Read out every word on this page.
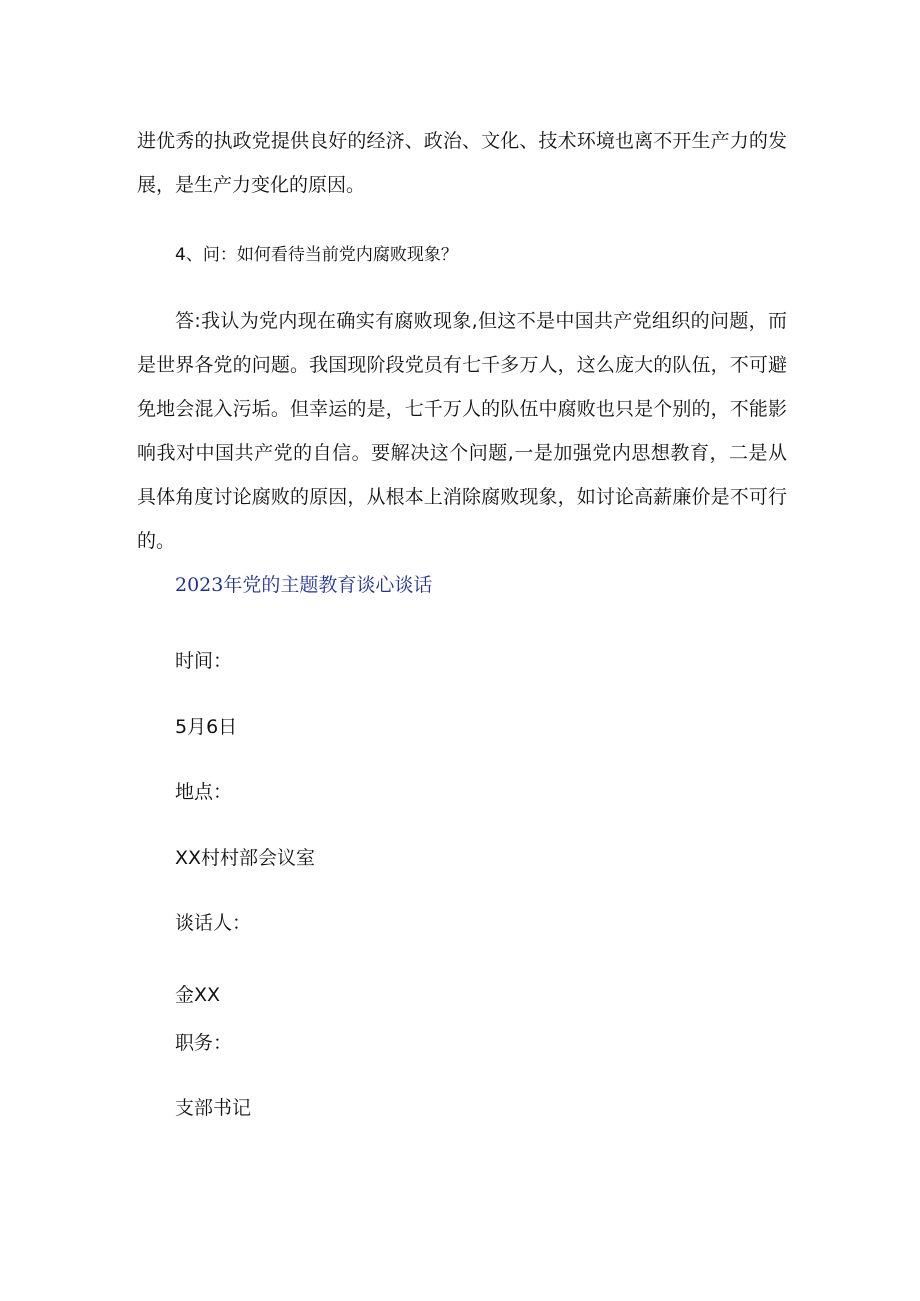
进优秀的执政党提供良好的经济、政治、文化、技术环境也离不开生产力的发展，是生产力变化的原因。

4、问：如何看待当前党内腐败现象？

答:我认为党内现在确实有腐败现象,但这不是中国共产党组织的问题，而是世界各党的问题。我国现阶段党员有七千多万人，这么庞大的队伍，不可避免地会混入污垢。但幸运的是，七千万人的队伍中腐败也只是个别的，不能影响我对中国共产党的自信。要解决这个问题,一是加强党内思想教育，二是从具体角度讨论腐败的原因，从根本上消除腐败现象，如讨论高薪廉价是不可行的。

2023年党的主题教育谈心谈话

时间：

5月6日

地点：

XX村村部会议室

谈话人：

金XX

职务：

支部书记
